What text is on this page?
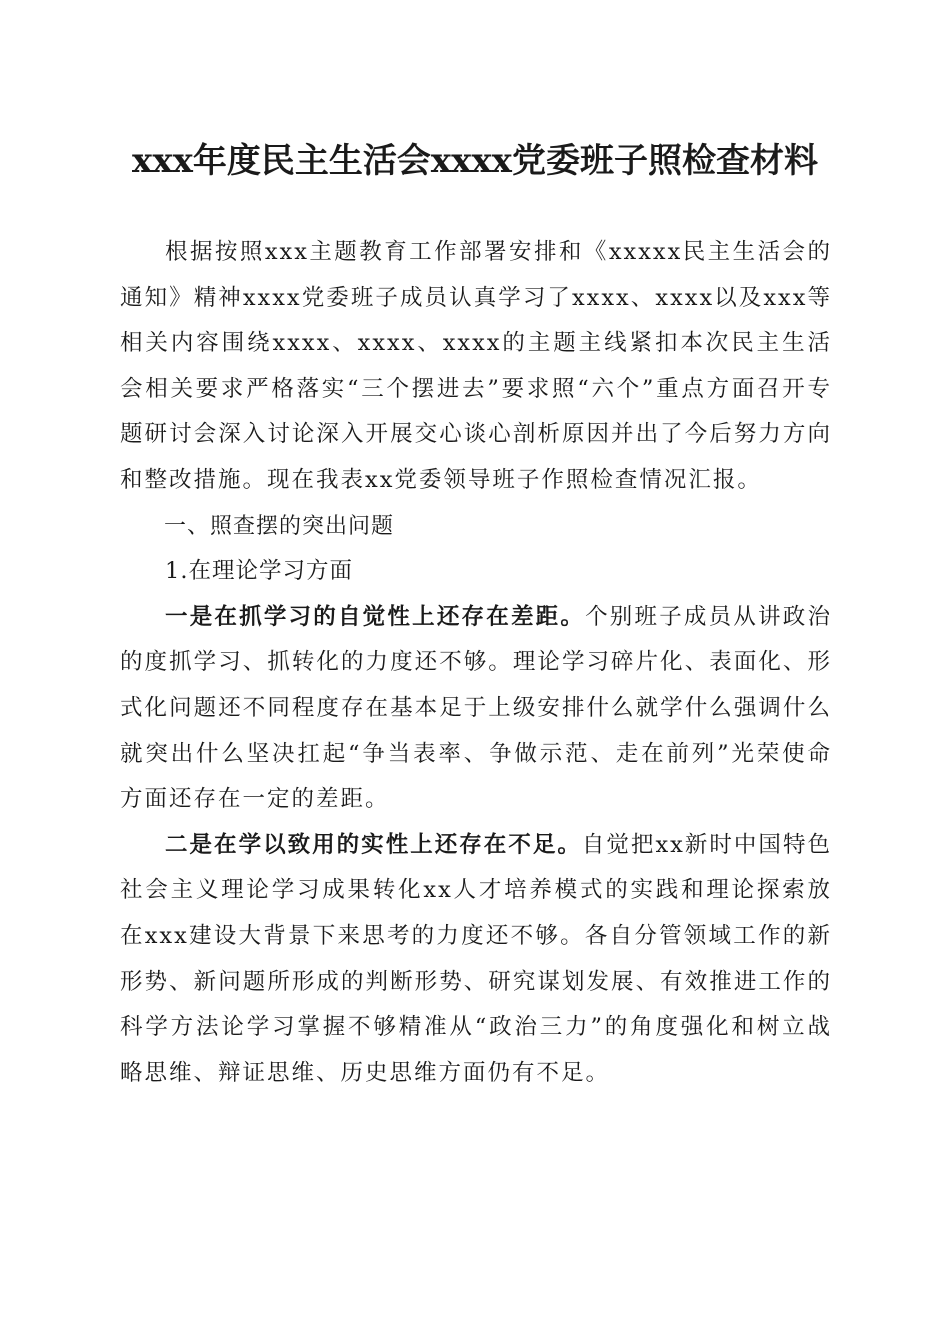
xxx年度民主生活会xxxx党委班子照检查材料

根据按照xxx主题教育工作部署安排和《xxxxx民主生活会的通知》精神xxxx党委班子成员认真学习了xxxx、xxxx以及xxx等相关内容围绕xxxx、xxxx、xxxx的主题主线紧扣本次民主生活会相关要求严格落实“三个摆进去”要求照“六个”重点方面召开专题研讨会深入讨论深入开展交心谈心剖析原因并出了今后努力方向和整改措施。现在我表xx党委领导班子作照检查情况汇报。

一、照查摆的突出问题

1.在理论学习方面

一是在抓学习的自觉性上还存在差距。个别班子成员从讲政治的度抓学习、抓转化的力度还不够。理论学习碎片化、表面化、形式化问题还不同程度存在基本足于上级安排什么就学什么强调什么就突出什么坚决扛起“争当表率、争做示范、走在前列”光荣使命方面还存在一定的差距。

二是在学以致用的实性上还存在不足。自觉把xx新时中国特色社会主义理论学习成果转化xx人才培养模式的实践和理论探索放在xxx建设大背景下来思考的力度还不够。各自分管领域工作的新形势、新问题所形成的判断形势、研究谋划发展、有效推进工作的科学方法论学习掌握不够精准从“政治三力”的角度强化和树立战略思维、辩证思维、历史思维方面仍有不足。
